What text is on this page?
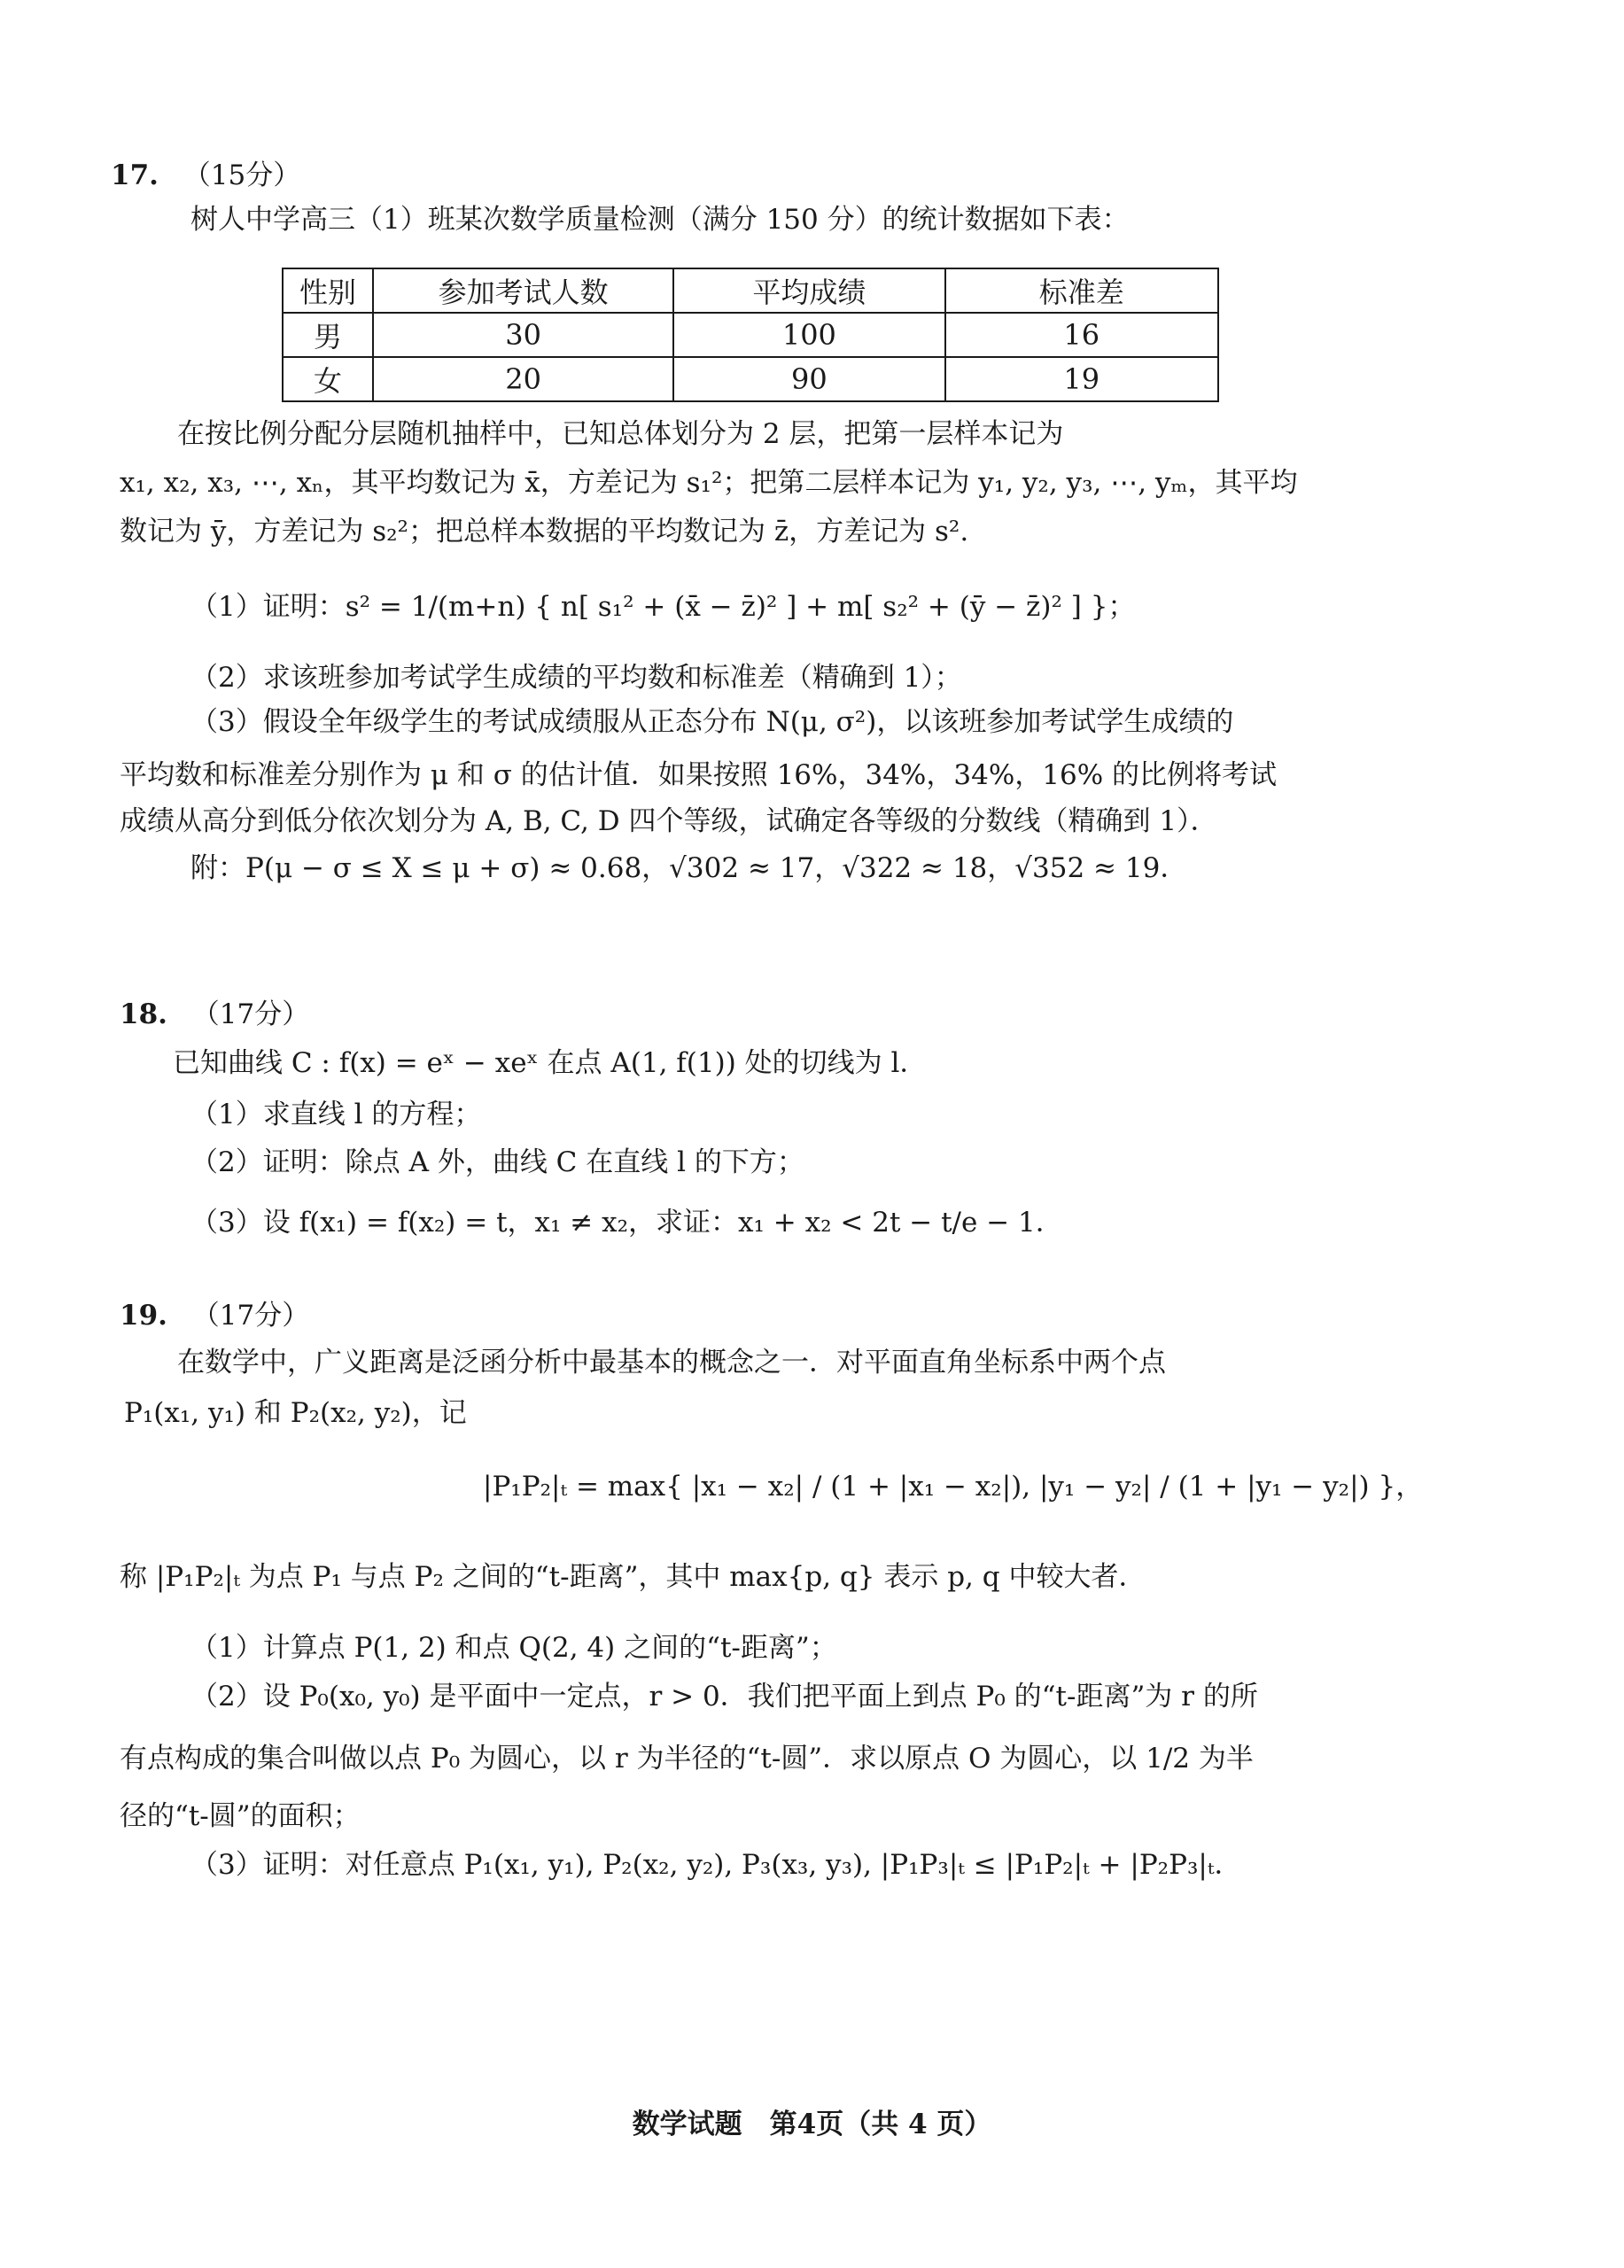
17. （15分）
树人中学高三（1）班某次数学质量检测（满分 150 分）的统计数据如下表：
性别	参加考试人数	平均成绩	标准差
男	30	100	16
女	20	90	19
在按比例分配分层随机抽样中，已知总体划分为 2 层，把第一层样本记为
x₁, x₂, x₃, ⋯, xₙ，其平均数记为 x̄，方差记为 s₁²；把第二层样本记为 y₁, y₂, y₃, ⋯, yₘ，其平均
数记为 ȳ，方差记为 s₂²；把总样本数据的平均数记为 z̄，方差记为 s².
（1）证明：s² = 1/(m+n) { n[ s₁² + (x̄ − z̄)² ] + m[ s₂² + (ȳ − z̄)² ] }；
（2）求该班参加考试学生成绩的平均数和标准差（精确到 1）；
（3）假设全年级学生的考试成绩服从正态分布 N(μ, σ²)，以该班参加考试学生成绩的
平均数和标准差分别作为 μ 和 σ 的估计值．如果按照 16%，34%，34%，16% 的比例将考试
成绩从高分到低分依次划分为 A, B, C, D 四个等级，试确定各等级的分数线（精确到 1）．
附：P(μ − σ ≤ X ≤ μ + σ) ≈ 0.68，√302 ≈ 17，√322 ≈ 18，√352 ≈ 19．
18. （17分）
已知曲线 C : f(x) = eˣ − xeˣ 在点 A(1, f(1)) 处的切线为 l．
（1）求直线 l 的方程；
（2）证明：除点 A 外，曲线 C 在直线 l 的下方；
（3）设 f(x₁) = f(x₂) = t，x₁ ≠ x₂，求证：x₁ + x₂ < 2t − t/e − 1．
19. （17分）
在数学中，广义距离是泛函分析中最基本的概念之一．对平面直角坐标系中两个点
P₁(x₁, y₁) 和 P₂(x₂, y₂)，记
|P₁P₂|ₜ = max{ |x₁ − x₂| / (1 + |x₁ − x₂|), |y₁ − y₂| / (1 + |y₁ − y₂|) }，
称 |P₁P₂|ₜ 为点 P₁ 与点 P₂ 之间的“t-距离”，其中 max{p, q} 表示 p, q 中较大者．
（1）计算点 P(1, 2) 和点 Q(2, 4) 之间的“t-距离”；
（2）设 P₀(x₀, y₀) 是平面中一定点，r > 0．我们把平面上到点 P₀ 的“t-距离”为 r 的所
有点构成的集合叫做以点 P₀ 为圆心，以 r 为半径的“t-圆”．求以原点 O 为圆心，以 1/2 为半
径的“t-圆”的面积；
（3）证明：对任意点 P₁(x₁, y₁), P₂(x₂, y₂), P₃(x₃, y₃), |P₁P₃|ₜ ≤ |P₁P₂|ₜ + |P₂P₃|ₜ．
数学试题　第4页（共 4 页）
